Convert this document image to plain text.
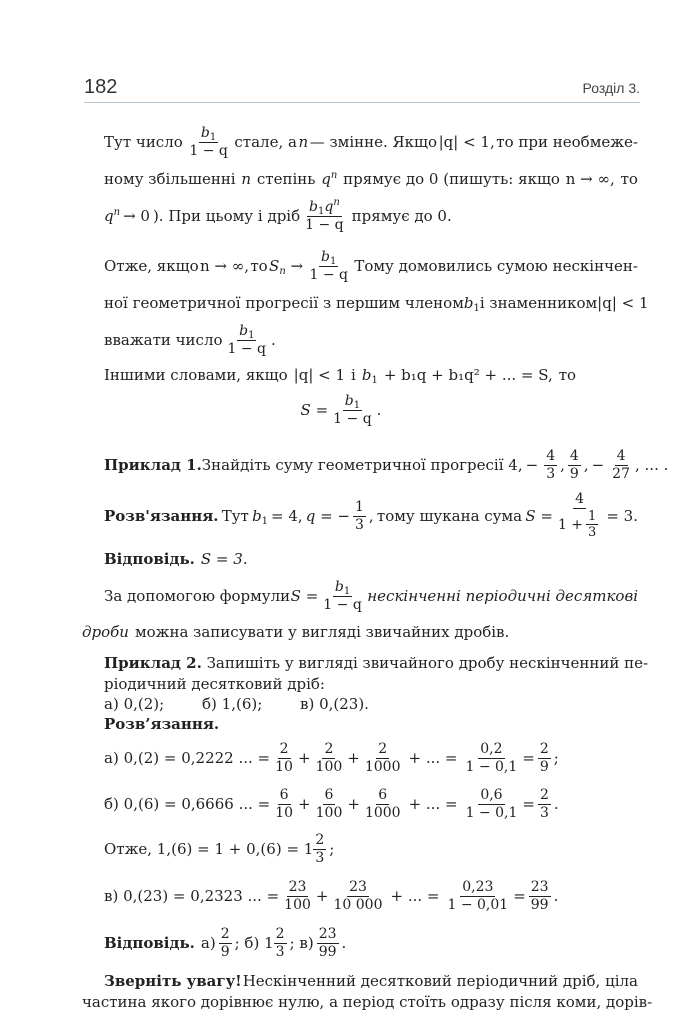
182	Розділ 3.
Тут число $\frac{b_1}{1 - q}$ стале, а n — змінне. Якщо |q| < 1, то при необмеже-
ному збільшенні n степінь $q^n$ прямує до 0 (пишуть: якщо n → ∞, то
$q^n \to 0$ ). При цьому і дріб $\frac{b_1q^n}{1 - q}$ прямує до 0.
Отже, якщо n → ∞, то $S_n \to \frac{b_1}{1 - q}$ Тому домовились сумою нескінчен-
ної геометричної прогресії з першим членом $b_1$ і знаменником |q| < 1
вважати число $\frac{b_1}{1 - q}$ .
Іншими словами, якщо |q| < 1 і $b_1 + b_1q + b_1q^2$ + ... = S, то
$S = \frac{b_1}{1 - q}$ .
Приклад 1. Знайдіть суму геометричної прогресії 4, − $\frac{4}{3}$ , $\frac{4}{9}$ , − $\frac{4}{27}$ , ... .
Розв'язання. Тут $b_1 = 4$, q = − $\frac{1}{3}$ , тому шукана сума $S = \frac{4}{1 + \frac{1}{3}} = 3$.
Відповідь. S = 3.
За допомогою формули $S = \frac{b_1}{1 - q}$ нескінченні періодичні десяткові
дроби можна записувати у вигляді звичайних дробів.
Приклад 2. Запишіть у вигляді звичайного дробу нескінченний пе-
ріодичний десятковий дріб:
а) 0,(2);	б) 1,(6);	в) 0,(23).
Розв’язання.
а) 0,(2) = 0,2222 ... = $\frac{2}{10} + \frac{2}{100} + \frac{2}{1000}$ + ... = $\frac{0,2}{1 - 0,1} = \frac{2}{9}$ ;
б) 0,(6) = 0,6666 ... = $\frac{6}{10} + \frac{6}{100} + \frac{6}{1000}$ + ... = $\frac{0,6}{1 - 0,1} = \frac{2}{3}$ .
Отже, $1,(6) = 1 + 0,(6) = 1 \frac{2}{3}$ ;
в) 0,(23) = 0,2323 ... = $\frac{23}{100} + \frac{23}{10 000}$ + ... = $\frac{0,23}{1 - 0,01} = \frac{23}{99}$ .
Відповідь. $а) \frac{2}{9}$ ; б) $1 \frac{2}{3}$ ; $в) \frac{23}{99}$ .
Зверніть увагу! Нескінченний десятковий періодичний дріб, ціла
частина якого дорівнює нулю, а період стоїть одразу після коми, дорів-
